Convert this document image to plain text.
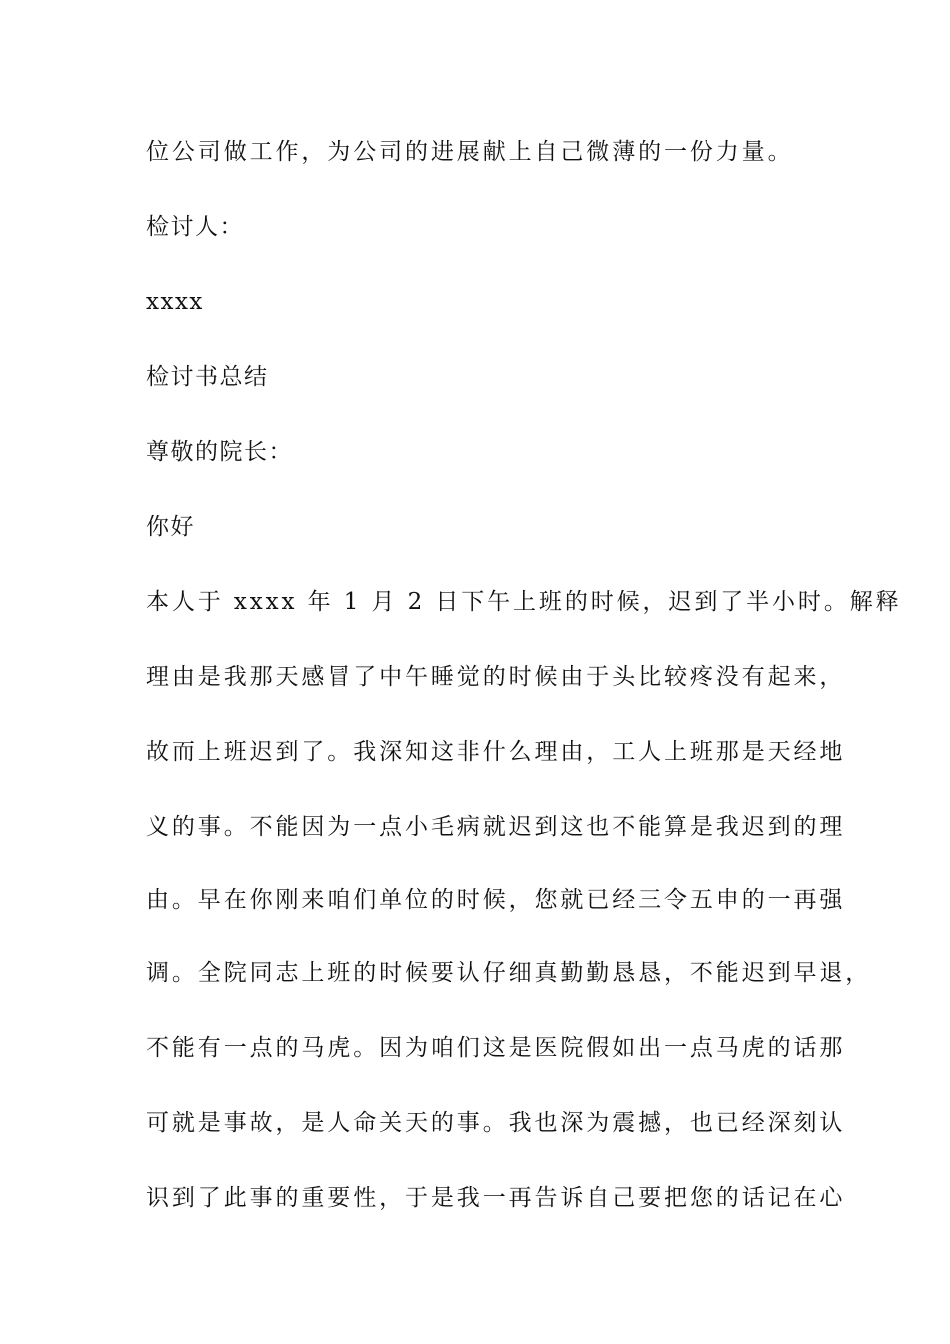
位公司做工作，为公司的进展献上自己微薄的一份力量。
检讨人：
xxxx
检讨书总结
尊敬的院长：
你好
本人于 xxxx 年 1 月 2 日下午上班的时候，迟到了半小时。解释
理由是我那天感冒了中午睡觉的时候由于头比较疼没有起来，
故而上班迟到了。我深知这非什么理由，工人上班那是天经地
义的事。不能因为一点小毛病就迟到这也不能算是我迟到的理
由。早在你刚来咱们单位的时候，您就已经三令五申的一再强
调。全院同志上班的时候要认仔细真勤勤恳恳，不能迟到早退，
不能有一点的马虎。因为咱们这是医院假如出一点马虎的话那
可就是事故，是人命关天的事。我也深为震撼，也已经深刻认
识到了此事的重要性，于是我一再告诉自己要把您的话记在心
